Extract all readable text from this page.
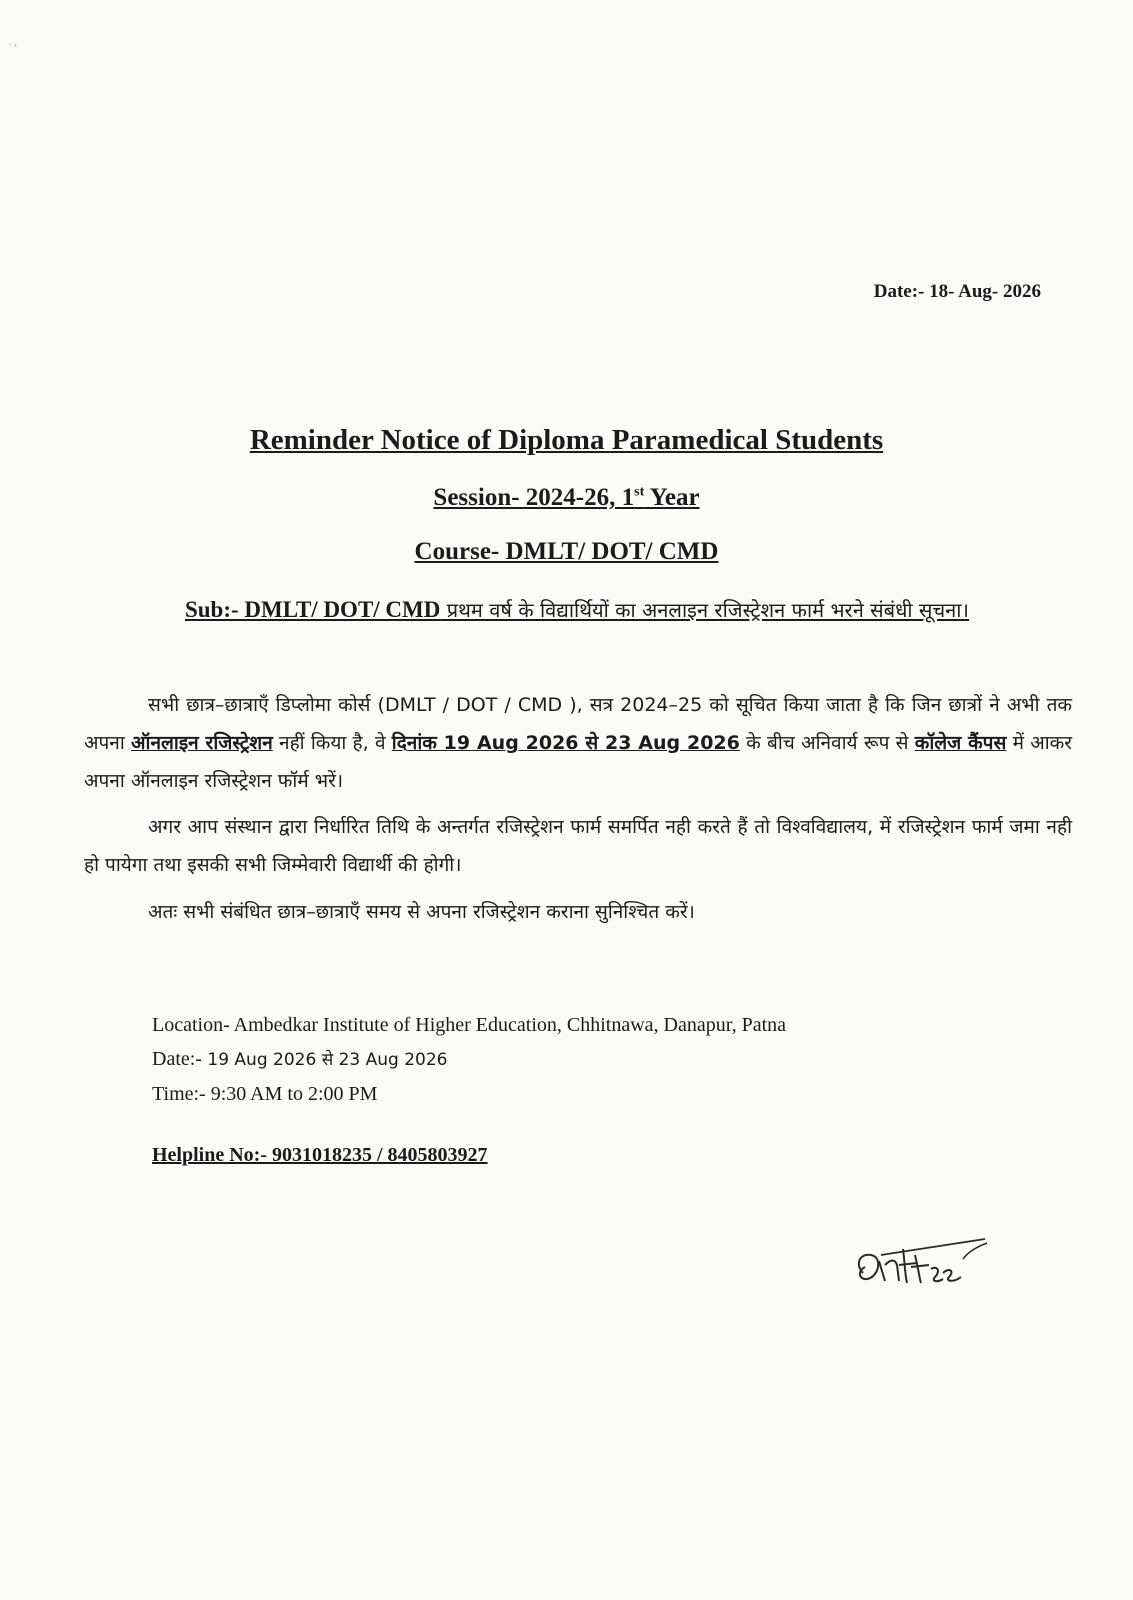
· ‹
Date:- 18- Aug- 2026
Reminder Notice of Diploma Paramedical Students
Session- 2024-26, 1st Year
Course- DMLT/ DOT/ CMD
Sub:- DMLT/ DOT/ CMD प्रथम वर्ष के विद्यार्थियों का अनलाइन रजिस्ट्रेशन फार्म भरने संबंधी सूचना।
सभी छात्र–छात्राएँ डिप्लोमा कोर्स (DMLT / DOT / CMD ), सत्र 2024–25 को सूचित किया जाता है कि जिन छात्रों ने अभी तक अपना ऑनलाइन रजिस्ट्रेशन नहीं किया है, वे दिनांक 19 Aug 2026 से 23 Aug 2026 के बीच अनिवार्य रूप से कॉलेज कैंपस में आकर अपना ऑनलाइन रजिस्ट्रेशन फॉर्म भरें।
अगर आप संस्थान द्वारा निर्धारित तिथि के अन्तर्गत रजिस्ट्रेशन फार्म समर्पित नही करते हैं तो विश्वविद्यालय, में रजिस्ट्रेशन फार्म जमा नही हो पायेगा तथा इसकी सभी जिम्मेवारी विद्यार्थी की होगी।
अतः सभी संबंधित छात्र–छात्राएँ समय से अपना रजिस्ट्रेशन कराना सुनिश्चित करें।
Location- Ambedkar Institute of Higher Education, Chhitnawa, Danapur, Patna
Date:- 19 Aug 2026 से 23 Aug 2026
Time:- 9:30 AM to 2:00 PM
Helpline No:- 9031018235 / 8405803927
